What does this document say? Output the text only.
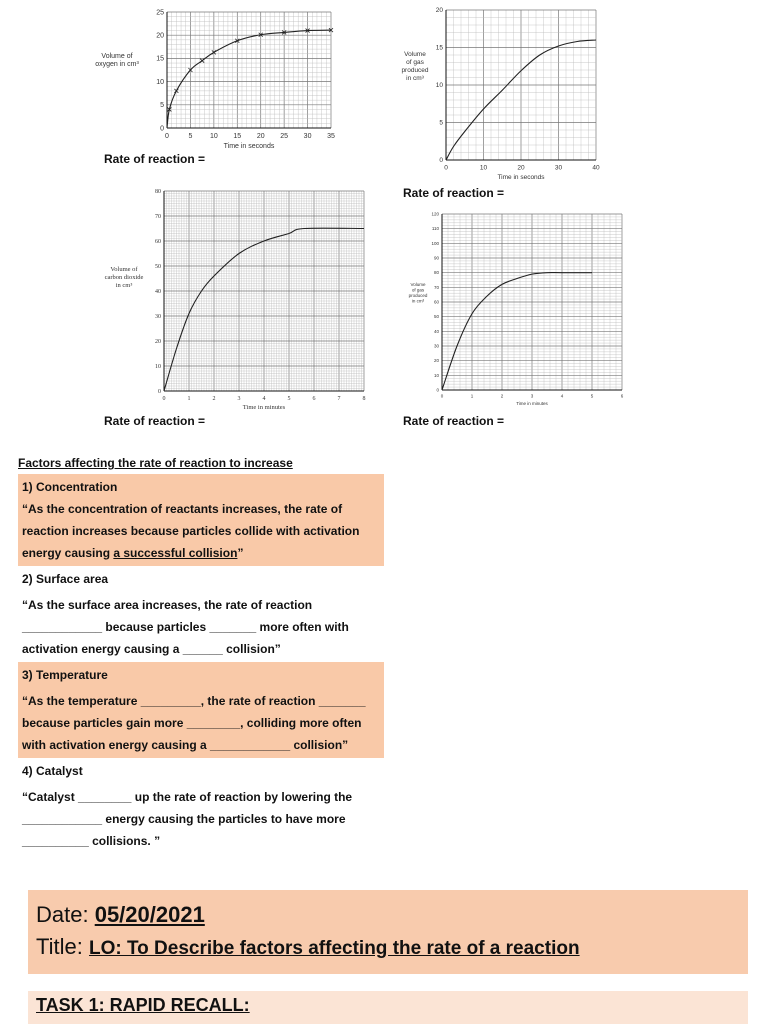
0	5	10 15 20 25 30 35
0
5
10
15
20
25
Time in seconds
Volume of oxygen in cm³
Rate of reaction =
0	10	20	30	40
0
5
10
15
20
Time in seconds
Volume of gas produced in cm³
Rate of reaction =
0	1	2	3	4	5	6	7	8
0
10
20
30
40
50
60
70
80
Time in minutes
Volume of carbon dioxide in cm³
Rate of reaction =
0	1	2	3	4	5	6
0
10
20
30
40
50
60
70
80
90
100
110
120
Time in minutes
Volume of gas produced in cm³
Rate of reaction =
Factors affecting the rate of reaction to increase
1) Concentration
“As the concentration of reactants increases, the rate of reaction increases because particles collide with activation energy causing a successful collision”
2) Surface area
“As the surface area increases, the rate of reaction ____________ because particles _______ more often with activation energy causing a ______ collision”
3) Temperature
“As the temperature _________, the rate of reaction _______ because particles gain more ________, colliding more often with activation energy causing a ____________ collision”
4) Catalyst
“Catalyst ________ up the rate of reaction by lowering the ____________ energy causing the particles to have more __________ collisions. ”
Date: 05/20/2021
Title: LO: To Describe factors affecting the rate of a reaction
TASK 1: RAPID RECALL:
